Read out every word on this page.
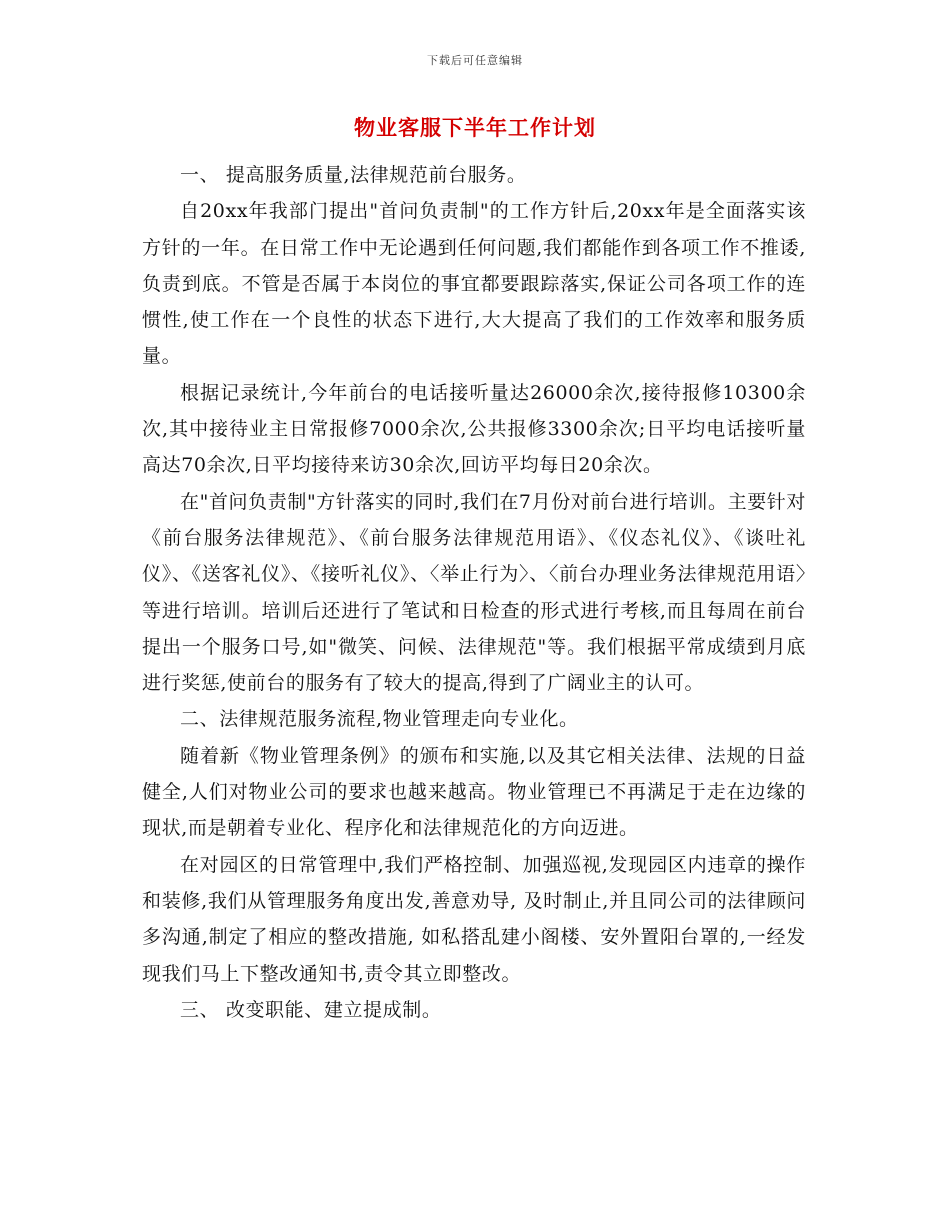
下载后可任意编辑
物业客服下半年工作计划

一、 提高服务质量,法律规范前台服务。

自20xx年我部门提出"首问负责制"的工作方针后,20xx年是全面落实该方针的一年。在日常工作中无论遇到任何问题,我们都能作到各项工作不推诿,负责到底。不管是否属于本岗位的事宜都要跟踪落实,保证公司各项工作的连惯性,使工作在一个良性的状态下进行,大大提高了我们的工作效率和服务质量。

根据记录统计,今年前台的电话接听量达26000余次,接待报修10300余次,其中接待业主日常报修7000余次,公共报修3300余次;日平均电话接听量高达70余次,日平均接待来访30余次,回访平均每日20余次。

在"首问负责制"方针落实的同时,我们在7月份对前台进行培训。主要针对《前台服务法律规范》、《前台服务法律规范用语》、《仪态礼仪》、《谈吐礼仪》、《送客礼仪》、《接听礼仪》、〈举止行为〉、〈前台办理业务法律规范用语〉等进行培训。培训后还进行了笔试和日检查的形式进行考核,而且每周在前台提出一个服务口号,如"微笑、问候、法律规范"等。我们根据平常成绩到月底进行奖惩,使前台的服务有了较大的提高,得到了广阔业主的认可。

二、法律规范服务流程,物业管理走向专业化。

随着新《物业管理条例》的颁布和实施,以及其它相关法律、法规的日益健全,人们对物业公司的要求也越来越高。物业管理已不再满足于走在边缘的现状,而是朝着专业化、程序化和法律规范化的方向迈进。

在对园区的日常管理中,我们严格控制、加强巡视,发现园区内违章的操作和装修,我们从管理服务角度出发,善意劝导, 及时制止,并且同公司的法律顾问多沟通,制定了相应的整改措施, 如私搭乱建小阁楼、安外置阳台罩的,一经发现我们马上下整改通知书,责令其立即整改。

三、 改变职能、建立提成制。
